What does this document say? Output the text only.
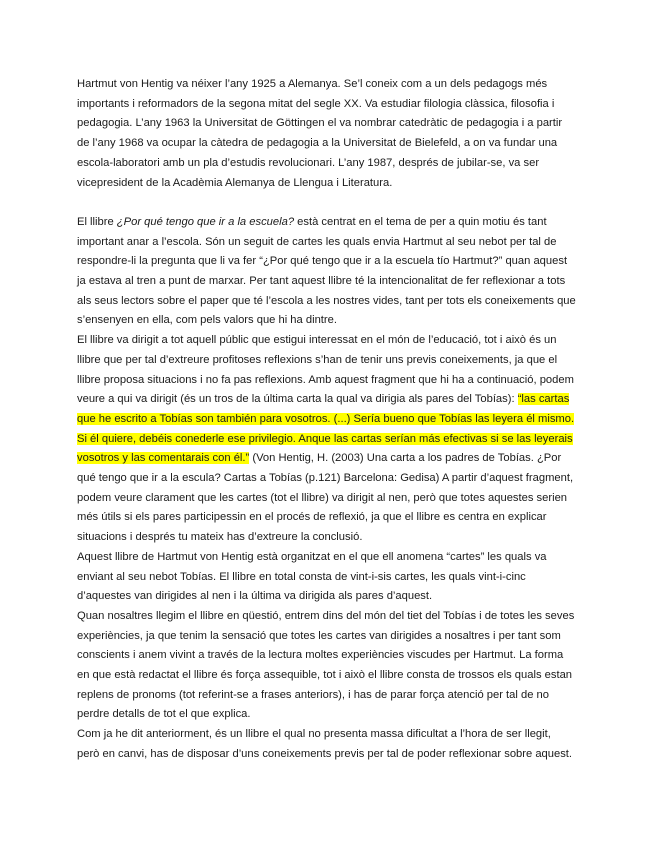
Hartmut von Hentig va néixer l’any 1925 a Alemanya. Se’l coneix com a un dels pedagogs més importants i reformadors de la segona mitat del segle XX. Va estudiar filologia clàssica, filosofia i pedagogia. L’any 1963 la Universitat de Göttingen el va nombrar catedràtic de pedagogia i a partir de l’any 1968 va ocupar la càtedra de pedagogia a la Universitat de Bielefeld, a on va fundar una escola-laboratori amb un pla d’estudis revolucionari. L’any 1987, després de jubilar-se, va ser vicepresident de la Acadèmia Alemanya de Llengua i Literatura.

El llibre ¿Por qué tengo que ir a la escuela? està centrat en el tema de per a quin motiu és tant important anar a l’escola. Són un seguit de cartes les quals envia Hartmut al seu nebot per tal de respondre-li la pregunta que li va fer “¿Por qué tengo que ir a la escuela tío Hartmut?” quan aquest ja estava al tren a punt de marxar. Per tant aquest llibre té la intencionalitat de fer reflexionar a tots als seus lectors sobre el paper que té l’escola a les nostres vides, tant per tots els coneixements que s’ensenyen en ella, com pels valors que hi ha dintre.

El llibre va dirigit a tot aquell públic que estigui interessat en el món de l’educació, tot i això és un llibre que per tal d’extreure profitoses reflexions s’han de tenir uns previs coneixements, ja que el llibre proposa situacions i no fa pas reflexions. Amb aquest fragment que hi ha a continuació, podem veure a qui va dirigit (és un tros de la última carta la qual va dirigia als pares del Tobías): “las cartas que he escrito a Tobías son también para vosotros. (...) Sería bueno que Tobías las leyera él mismo. Si él quiere, debéis conederle ese privilegio. Anque las cartas serían más efectivas si se las leyerais vosotros y las comentarais con él.” (Von Hentig, H. (2003) Una carta a los padres de Tobías. ¿Por qué tengo que ir a la escula? Cartas a Tobías (p.121) Barcelona: Gedisa) A partir d’aquest fragment, podem veure clarament que les cartes (tot el llibre) va dirigit al nen, però que totes aquestes serien més útils si els pares participessin en el procés de reflexió, ja que el llibre es centra en explicar situacions i després tu mateix has d’extreure la conclusió.

Aquest llibre de Hartmut von Hentig està organitzat en el que ell anomena “cartes” les quals va enviant al seu nebot Tobías. El llibre en total consta de vint-i-sis cartes, les quals vint-i-cinc d’aquestes van dirigides al nen i la última va dirigida als pares d’aquest.

Quan nosaltres llegim el llibre en qüestió, entrem dins del món del tiet del Tobías i de totes les seves experiències, ja que tenim la sensació que totes les cartes van dirigides a nosaltres i per tant som conscients i anem vivint a través de la lectura moltes experiències viscudes per Hartmut. La forma en que està redactat el llibre és força assequible, tot i això el llibre consta de trossos els quals estan replens de pronoms (tot referint-se a frases anteriors), i has de parar força atenció per tal de no perdre detalls de tot el que explica.

Com ja he dit anteriorment, és un llibre el qual no presenta massa dificultat a l’hora de ser llegit, però en canvi, has de disposar d’uns coneixements previs per tal de poder reflexionar sobre aquest.
